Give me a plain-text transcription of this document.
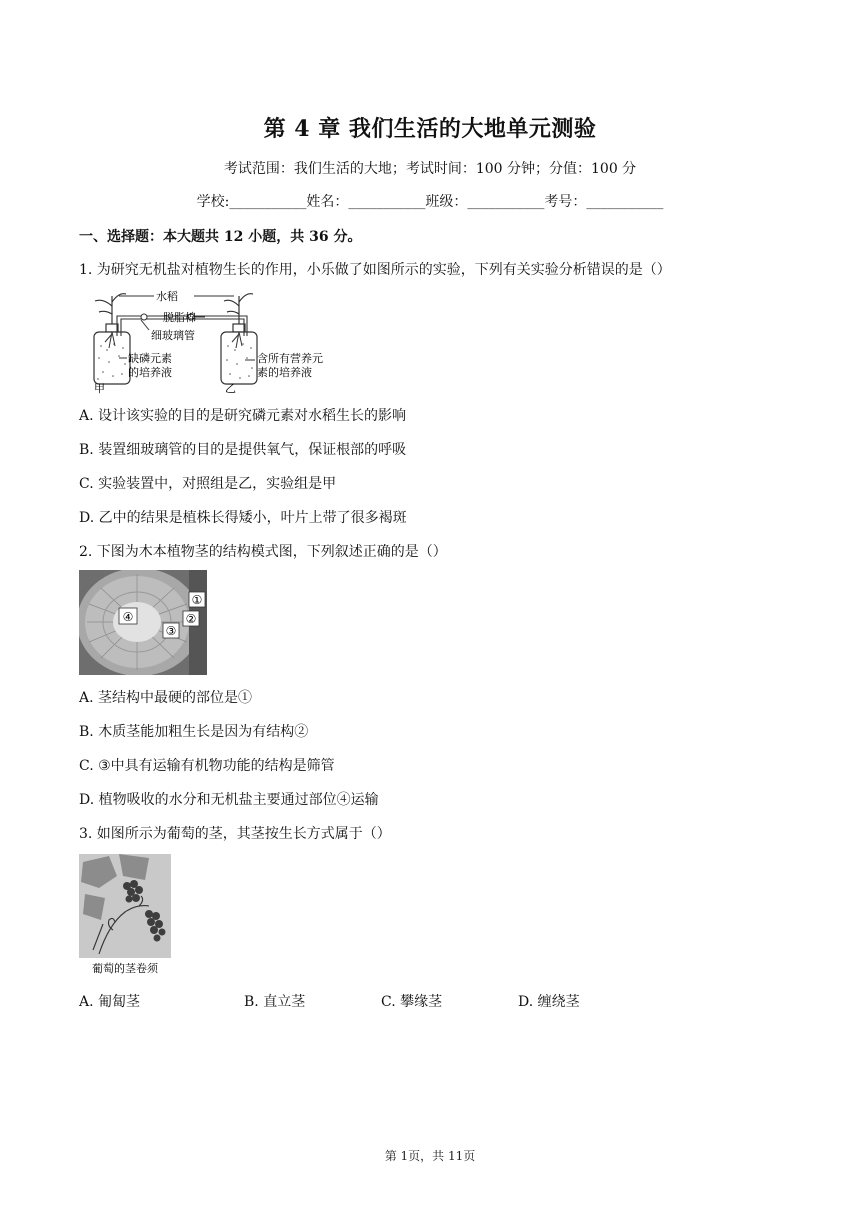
第 4 章 我们生活的大地单元测验
考试范围：我们生活的大地；考试时间：100 分钟；分值：100 分
学校:___________姓名：___________班级：___________考号：___________
一、选择题：本大题共 12 小题，共 36 分。
1. 为研究无机盐对植物生长的作用，小乐做了如图所示的实验，下列有关实验分析错误的是（）
水稻
脱脂棉
细玻璃管
缺磷元素
的培养液
含所有营养元
素的培养液
甲	乙
A. 设计该实验的目的是研究磷元素对水稻生长的影响
B. 装置细玻璃管的目的是提供氧气，保证根部的呼吸
C. 实验装置中，对照组是乙，实验组是甲
D. 乙中的结果是植株长得矮小，叶片上带了很多褐斑
2. 下图为木本植物茎的结构模式图，下列叙述正确的是（）
④
①
②
③
A. 茎结构中最硬的部位是①
B. 木质茎能加粗生长是因为有结构②
C. ③中具有运输有机物功能的结构是筛管
D. 植物吸收的水分和无机盐主要通过部位④运输
3. 如图所示为葡萄的茎，其茎按生长方式属于（）
葡萄的茎卷须
A. 匍匐茎	B. 直立茎	C. 攀缘茎	D. 缠绕茎
第 1页，共 11页
